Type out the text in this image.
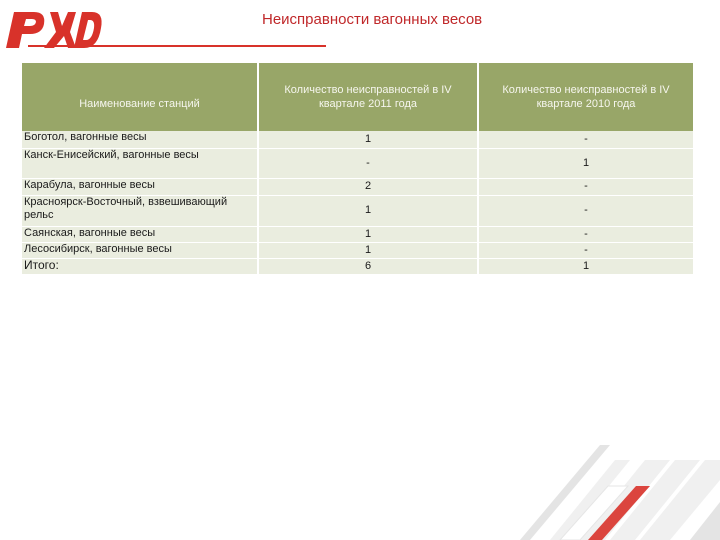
Неисправности вагонных весов
Наименование станций	Количество неисправностей в IV квартале 2011 года	Количество неисправностей в IV квартале 2010 года
Боготол, вагонные весы	1	-
Канск-Енисейский, вагонные весы	-	1
Карабула, вагонные весы	2	-
Красноярск-Восточный, взвешивающий рельс	1	-
Саянская, вагонные весы	1	-
Лесосибирск, вагонные весы	1	-
Итого:	6	1
